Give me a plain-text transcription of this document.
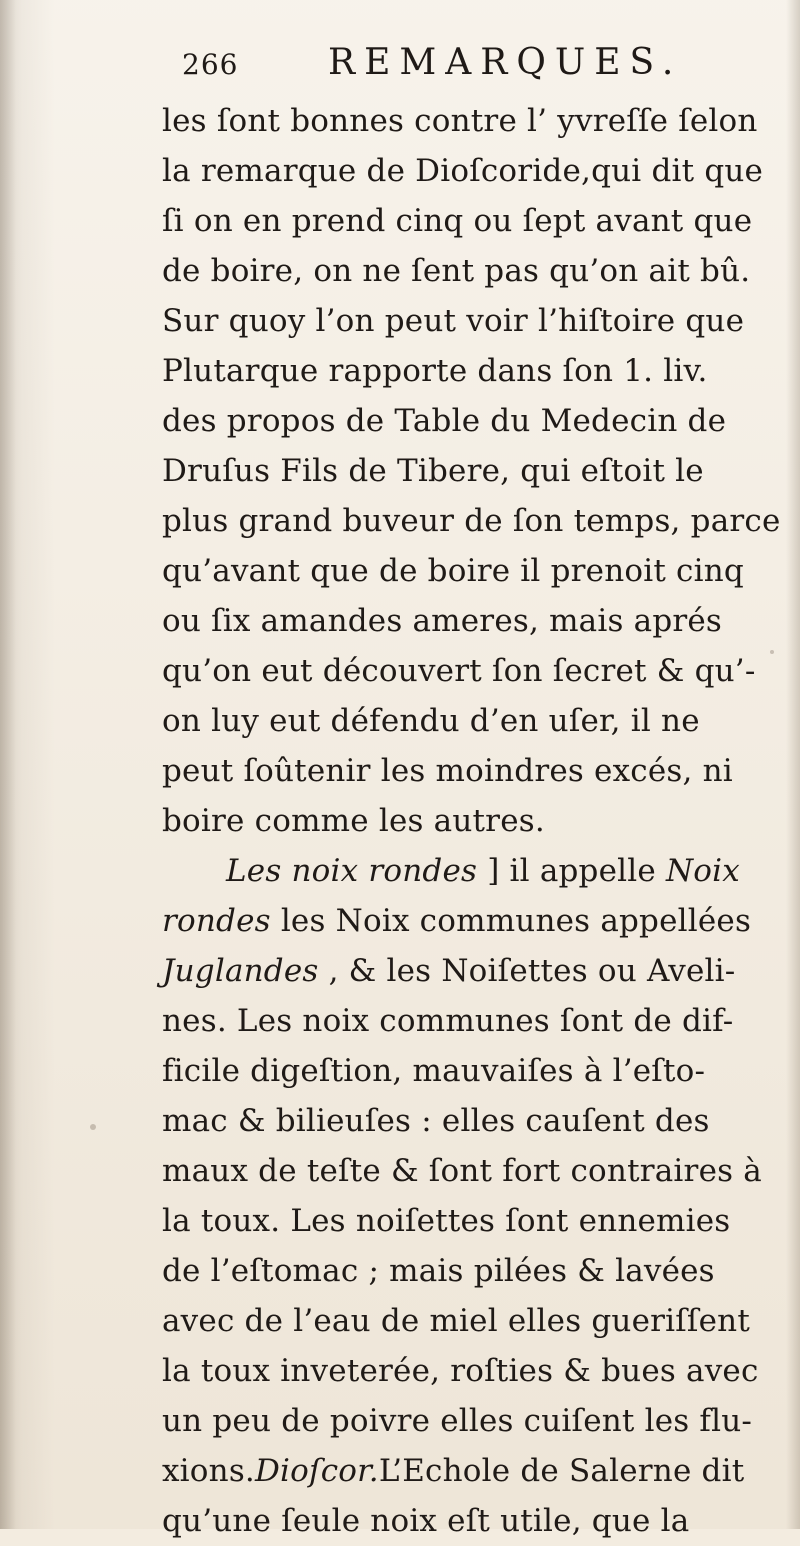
266 REMARQUES.
les ſont bonnes contre l’ yvreſſe ſelon
la remarque de Dioſcoride,qui dit que
ſi on en prend cinq ou ſept avant que
de boire, on ne ſent pas qu’on ait bû.
Sur quoy l’on peut voir l’hiſtoire que
Plutarque rapporte dans ſon 1. liv.
des propos de Table du Medecin de
Druſus Fils de Tibere, qui eſtoit le
plus grand buveur de ſon temps, parce
qu’avant que de boire il prenoit cinq
ou ſix amandes ameres, mais aprés
qu’on eut découvert ſon ſecret & qu’-
on luy eut défendu d’en uſer, il ne
peut ſoûtenir les moindres excés, ni
boire comme les autres.
Les noix rondes ] il appelle Noix
rondes les Noix communes appellées
Juglandes , & les Noiſettes ou Aveli-
nes. Les noix communes ſont de dif-
ficile digeſtion, mauvaiſes à l’eſto-
mac & bilieuſes : elles cauſent des
maux de teſte & ſont fort contraires à
la toux. Les noiſettes ſont ennemies
de l’eſtomac ; mais pilées & lavées
avec de l’eau de miel elles gueriſſent
la toux inveterée, roſties & bues avec
un peu de poivre elles cuiſent les flu-
xions.Dioſcor.L’Echole de Salerne dit
qu’une ſeule noix eſt utile, que la
